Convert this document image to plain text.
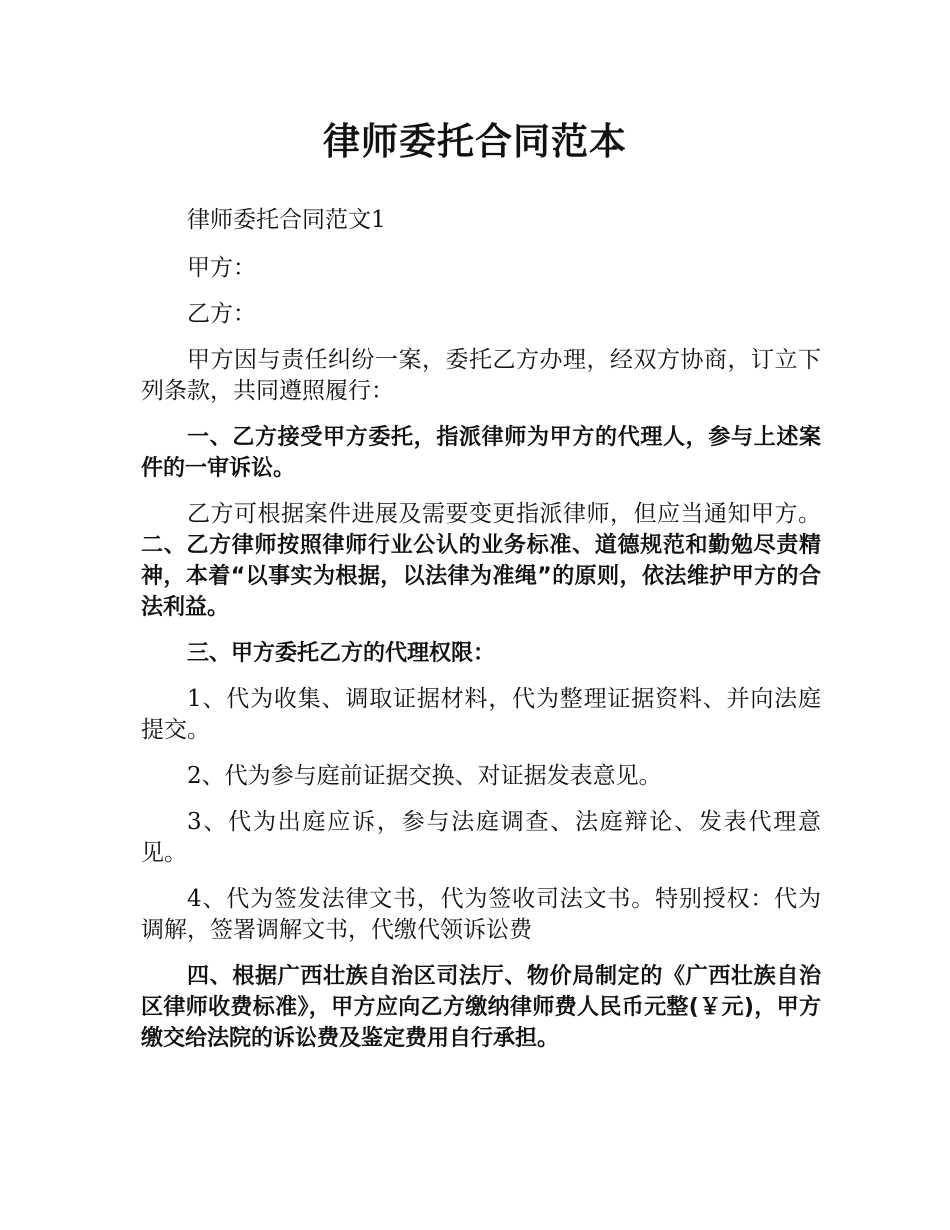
律师委托合同范本

律师委托合同范文1

甲方：

乙方：

甲方因与责任纠纷一案，委托乙方办理，经双方协商，订立下列条款，共同遵照履行：

一、乙方接受甲方委托，指派律师为甲方的代理人，参与上述案件的一审诉讼。

乙方可根据案件进展及需要变更指派律师，但应当通知甲方。二、乙方律师按照律师行业公认的业务标准、道德规范和勤勉尽责精神，本着“以事实为根据，以法律为准绳”的原则，依法维护甲方的合法利益。

三、甲方委托乙方的代理权限：

1、代为收集、调取证据材料，代为整理证据资料、并向法庭提交。

2、代为参与庭前证据交换、对证据发表意见。

3、代为出庭应诉，参与法庭调查、法庭辩论、发表代理意见。

4、代为签发法律文书，代为签收司法文书。特别授权：代为调解，签署调解文书，代缴代领诉讼费

四、根据广西壮族自治区司法厅、物价局制定的《广西壮族自治区律师收费标准》，甲方应向乙方缴纳律师费人民币元整(￥元)，甲方缴交给法院的诉讼费及鉴定费用自行承担。
